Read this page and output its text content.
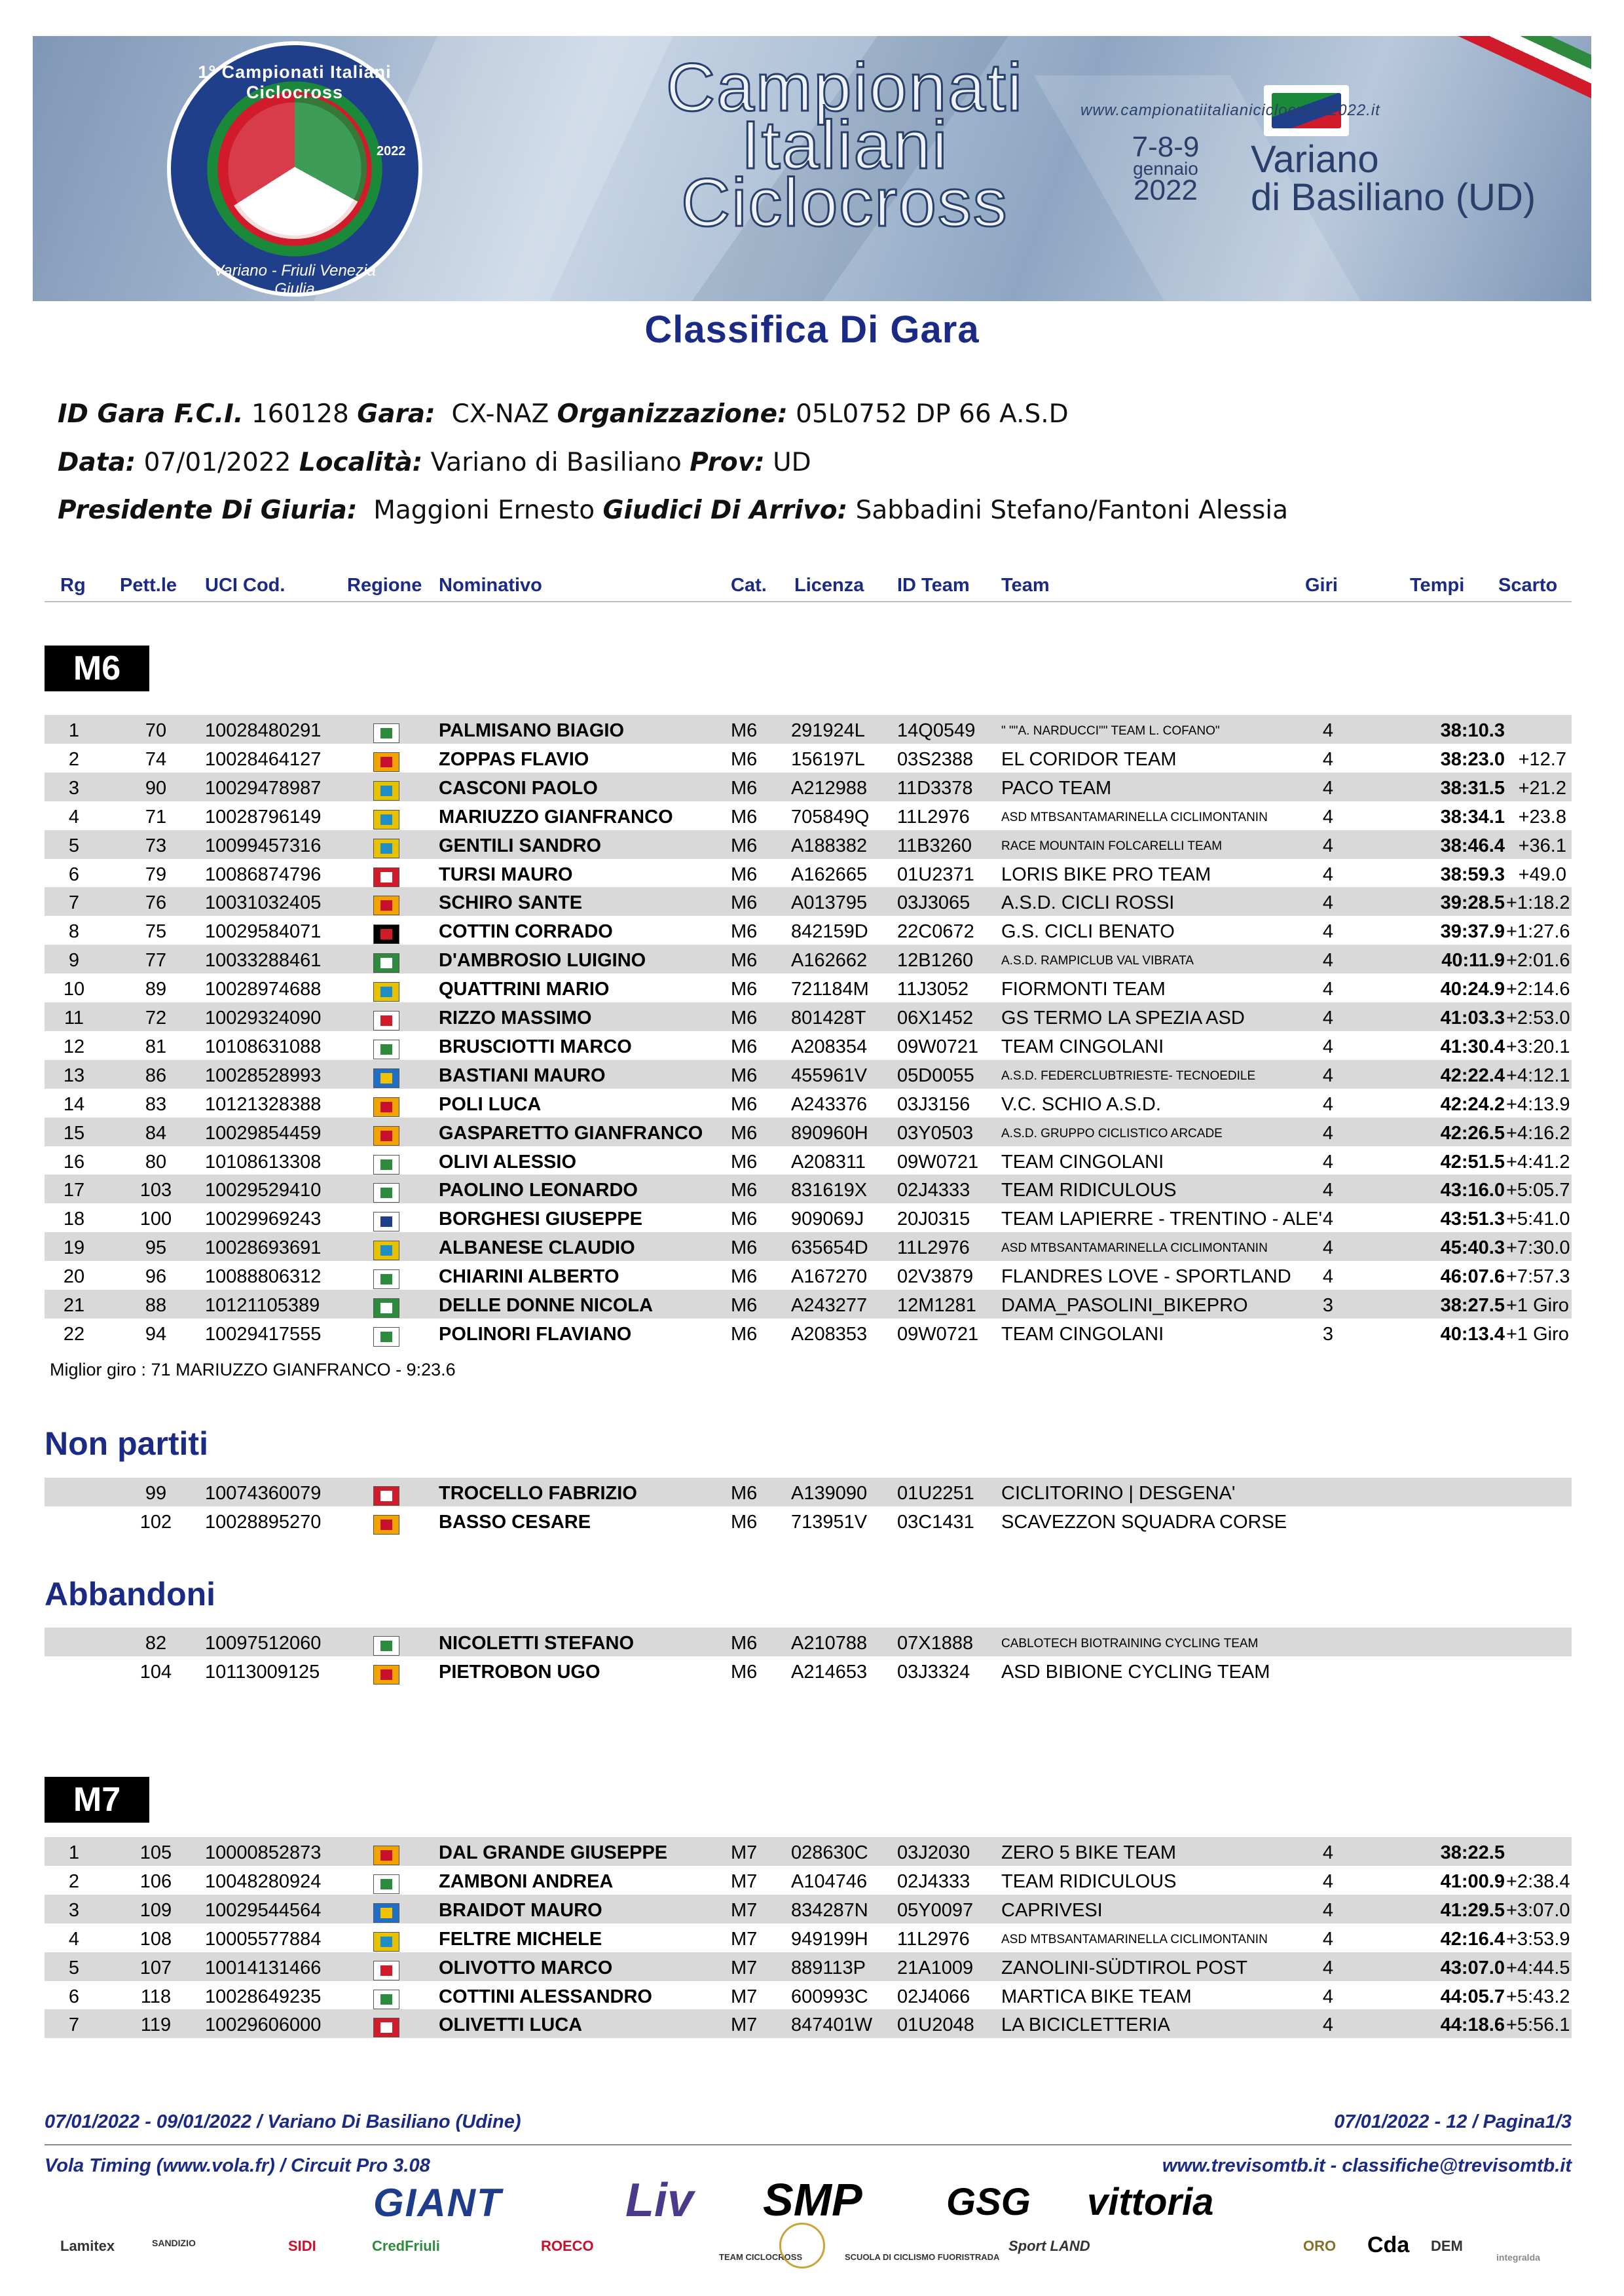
1° Campionati Italiani Ciclocross
Variano - Friuli Venezia Giulia
2022
Campionati
Italiani
Ciclocross
www.campionatiitalianiciclocross2022.it
7-8-9
gennaio
2022
Variano
di Basiliano (UD)
Classifica Di Gara
ID Gara F.C.I. 160128 Gara: CX-NAZ Organizzazione: 05L0752 DP 66 A.S.D
Data: 07/01/2022 Località: Variano di Basiliano Prov: UD
Presidente Di Giuria: Maggioni Ernesto Giudici Di Arrivo: Sabbadini Stefano/Fantoni Alessia
Rg Pett.le UCI Cod.	Regione Nominativo	Cat. Licenza ID Team Team	Giri	Tempi Scarto
M6
1	70	10028480291	PALMISANO BIAGIO	M6 291924L	14Q0549 " ""A. NARDUCCI"" TEAM L. COFANO"	4	38:10.3
2	74	10028464127	ZOPPAS FLAVIO	M6 156197L	03S2388 EL CORIDOR TEAM	4	38:23.0 +12.7
3	90	10029478987	CASCONI PAOLO	M6 A212988	11D3378 PACO TEAM	4	38:31.5 +21.2
4	71	10028796149	MARIUZZO GIANFRANCO	M6 705849Q	11L2976	ASD MTBSANTAMARINELLA CICLIMONTANIN	4	38:34.1 +23.8
5	73	10099457316	GENTILI SANDRO	M6 A188382	11B3260 RACE MOUNTAIN FOLCARELLI TEAM	4	38:46.4 +36.1
6	79	10086874796	TURSI MAURO	M6 A162665	01U2371 LORIS BIKE PRO TEAM	4	38:59.3 +49.0
7	76	10031032405	SCHIRO SANTE	M6 A013795	03J3065 A.S.D. CICLI ROSSI	4	39:28.5 +1:18.2
8	75	10029584071	COTTIN CORRADO	M6 842159D	22C0672 G.S. CICLI BENATO	4	39:37.9 +1:27.6
9	77	10033288461	D'AMBROSIO LUIGINO	M6 A162662	12B1260 A.S.D. RAMPICLUB VAL VIBRATA	4	40:11.9 +2:01.6
10	89	10028974688	QUATTRINI MARIO	M6 721184M	11J3052 FIORMONTI TEAM	4	40:24.9 +2:14.6
11	72	10029324090	RIZZO MASSIMO	M6 801428T	06X1452 GS TERMO LA SPEZIA ASD	4	41:03.3 +2:53.0
12	81	10108631088	BRUSCIOTTI MARCO	M6 A208354	09W0721 TEAM CINGOLANI	4	41:30.4 +3:20.1
13	86	10028528993	BASTIANI MAURO	M6 455961V	05D0055 A.S.D. FEDERCLUBTRIESTE- TECNOEDILE	4	42:22.4 +4:12.1
14	83	10121328388	POLI LUCA	M6 A243376	03J3156 V.C. SCHIO A.S.D.	4	42:24.2 +4:13.9
15	84	10029854459	GASPARETTO GIANFRANCO M6 890960H	03Y0503 A.S.D. GRUPPO CICLISTICO ARCADE	4	42:26.5 +4:16.2
16	80	10108613308	OLIVI ALESSIO	M6 A208311	09W0721 TEAM CINGOLANI	4	42:51.5 +4:41.2
17	103	10029529410	PAOLINO LEONARDO	M6 831619X	02J4333 TEAM RIDICULOUS	4	43:16.0 +5:05.7
18	100	10029969243	BORGHESI GIUSEPPE	M6 909069J	20J0315 TEAM LAPIERRE - TRENTINO - ALE' 4	43:51.3 +5:41.0
19	95	10028693691	ALBANESE CLAUDIO	M6 635654D	11L2976	ASD MTBSANTAMARINELLA CICLIMONTANIN	4	45:40.3 +7:30.0
20	96	10088806312	CHIARINI ALBERTO	M6 A167270	02V3879 FLANDRES LOVE - SPORTLAND	4	46:07.6 +7:57.3
21	88	10121105389	DELLE DONNE NICOLA	M6 A243277	12M1281 DAMA_PASOLINI_BIKEPRO	3	38:27.5 +1 Giro
22	94	10029417555	POLINORI FLAVIANO	M6 A208353	09W0721 TEAM CINGOLANI	3	40:13.4 +1 Giro
Miglior giro : 71 MARIUZZO GIANFRANCO - 9:23.6
Non partiti
99	10074360079	TROCELLO FABRIZIO	M6 A139090	01U2251 CICLITORINO | DESGENA'
102	10028895270	BASSO CESARE	M6 713951V	03C1431 SCAVEZZON SQUADRA CORSE
Abbandoni
82	10097512060	NICOLETTI STEFANO	M6 A210788	07X1888 CABLOTECH BIOTRAINING CYCLING TEAM
104	10113009125	PIETROBON UGO	M6 A214653	03J3324 ASD BIBIONE CYCLING TEAM
M7
1	105	10000852873	DAL GRANDE GIUSEPPE	M7 028630C	03J2030 ZERO 5 BIKE TEAM	4	38:22.5
2	106	10048280924	ZAMBONI ANDREA	M7 A104746	02J4333 TEAM RIDICULOUS	4	41:00.9 +2:38.4
3	109	10029544564	BRAIDOT MAURO	M7 834287N	05Y0097 CAPRIVESI	4	41:29.5 +3:07.0
4	108	10005577884	FELTRE MICHELE	M7 949199H	11L2976	ASD MTBSANTAMARINELLA CICLIMONTANIN	4	42:16.4 +3:53.9
5	107	10014131466	OLIVOTTO MARCO	M7 889113P	21A1009 ZANOLINI-SÜDTIROL POST	4	43:07.0 +4:44.5
6	118	10028649235	COTTINI ALESSANDRO	M7 600993C	02J4066 MARTICA BIKE TEAM	4	44:05.7 +5:43.2
7	119	10029606000	OLIVETTI LUCA	M7 847401W	01U2048 LA BICICLETTERIA	4	44:18.6 +5:56.1
07/01/2022 - 09/01/2022 / Variano Di Basiliano (Udine)	07/01/2022 - 12 / Pagina1/3
Vola Timing (www.vola.fr) / Circuit Pro 3.08	www.trevisomtb.it - classifiche@trevisomtb.it
GIANT	Liv SMP GSG vittoria
Lamitex	SANDIZIO	SIDI	CredFriuli	ROECO
TEAM CICLOCROSS	SCUOLA DI CICLISMO FUORISTRADA
Sport LAND	ORO Cda DEM
integralda
